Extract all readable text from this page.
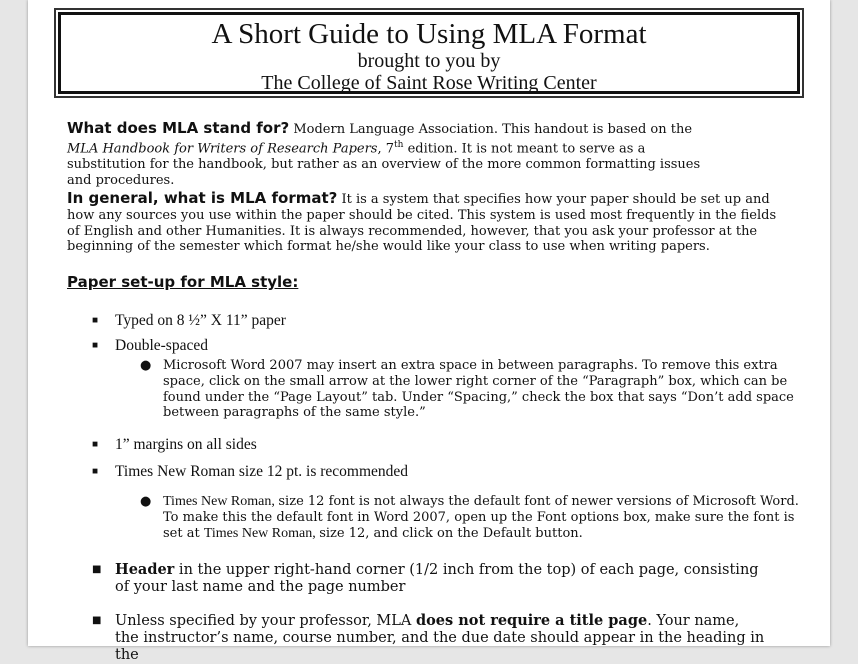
A Short Guide to Using MLA Format
brought to you by
The College of Saint Rose Writing Center

What does MLA stand for? Modern Language Association. This handout is based on the MLA Handbook for Writers of Research Papers, 7th edition. It is not meant to serve as a substitution for the handbook, but rather as an overview of the more common formatting issues and procedures.

In general, what is MLA format? It is a system that specifies how your paper should be set up and how any sources you use within the paper should be cited. This system is used most frequently in the fields of English and other Humanities. It is always recommended, however, that you ask your professor at the beginning of the semester which format he/she would like your class to use when writing papers.

Paper set-up for MLA style:
■ Typed on 8 ½” X 11” paper
■ Double-spaced
● Microsoft Word 2007 may insert an extra space in between paragraphs. To remove this extra space, click on the small arrow at the lower right corner of the “Paragraph” box, which can be found under the “Page Layout” tab. Under “Spacing,” check the box that says “Don’t add space between paragraphs of the same style.”
■ 1” margins on all sides
■ Times New Roman size 12 pt. is recommended
● Times New Roman, size 12 font is not always the default font of newer versions of Microsoft Word. To make this the default font in Word 2007, open up the Font options box, make sure the font is set at Times New Roman, size 12, and click on the Default button.
■ Header in the upper right-hand corner (1/2 inch from the top) of each page, consisting of your last name and the page number
■ Unless specified by your professor, MLA does not require a title page. Your name, the instructor’s name, course number, and the due date should appear in the heading in the
